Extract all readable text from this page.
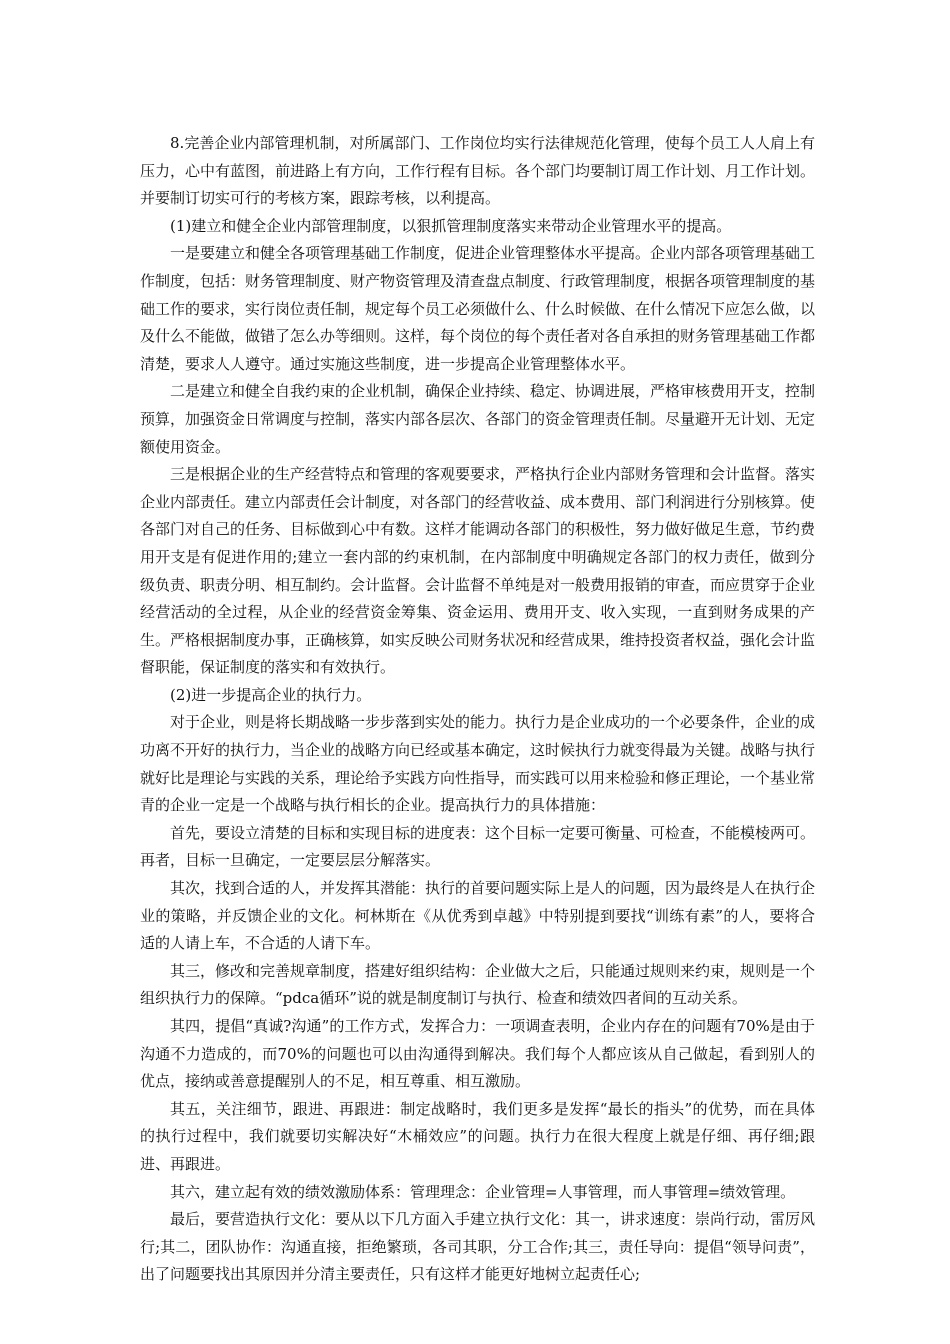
8.完善企业内部管理机制，对所属部门、工作岗位均实行法律规范化管理，使每个员工人人肩上有压力，心中有蓝图，前进路上有方向，工作行程有目标。各个部门均要制订周工作计划、月工作计划。并要制订切实可行的考核方案，跟踪考核，以利提高。

(1)建立和健全企业内部管理制度，以狠抓管理制度落实来带动企业管理水平的提高。

一是要建立和健全各项管理基础工作制度，促进企业管理整体水平提高。企业内部各项管理基础工作制度，包括：财务管理制度、财产物资管理及清查盘点制度、行政管理制度，根据各项管理制度的基础工作的要求，实行岗位责任制，规定每个员工必须做什么、什么时候做、在什么情况下应怎么做，以及什么不能做，做错了怎么办等细则。这样，每个岗位的每个责任者对各自承担的财务管理基础工作都清楚，要求人人遵守。通过实施这些制度，进一步提高企业管理整体水平。

二是建立和健全自我约束的企业机制，确保企业持续、稳定、协调进展，严格审核费用开支，控制预算，加强资金日常调度与控制，落实内部各层次、各部门的资金管理责任制。尽量避开无计划、无定额使用资金。

三是根据企业的生产经营特点和管理的客观要要求，严格执行企业内部财务管理和会计监督。落实企业内部责任。建立内部责任会计制度，对各部门的经营收益、成本费用、部门利润进行分别核算。使各部门对自己的任务、目标做到心中有数。这样才能调动各部门的积极性，努力做好做足生意，节约费用开支是有促进作用的;建立一套内部的约束机制，在内部制度中明确规定各部门的权力责任，做到分级负责、职责分明、相互制约。会计监督。会计监督不单纯是对一般费用报销的审查，而应贯穿于企业经营活动的全过程，从企业的经营资金筹集、资金运用、费用开支、收入实现，一直到财务成果的产生。严格根据制度办事，正确核算，如实反映公司财务状况和经营成果，维持投资者权益，强化会计监督职能，保证制度的落实和有效执行。

(2)进一步提高企业的执行力。

对于企业，则是将长期战略一步步落到实处的能力。执行力是企业成功的一个必要条件，企业的成功离不开好的执行力，当企业的战略方向已经或基本确定，这时候执行力就变得最为关键。战略与执行就好比是理论与实践的关系，理论给予实践方向性指导，而实践可以用来检验和修正理论，一个基业常青的企业一定是一个战略与执行相长的企业。提高执行力的具体措施：

首先，要设立清楚的目标和实现目标的进度表：这个目标一定要可衡量、可检查，不能模棱两可。再者，目标一旦确定，一定要层层分解落实。

其次，找到合适的人，并发挥其潜能：执行的首要问题实际上是人的问题，因为最终是人在执行企业的策略，并反馈企业的文化。柯林斯在《从优秀到卓越》中特别提到要找“训练有素”的人，要将合适的人请上车，不合适的人请下车。

其三，修改和完善规章制度，搭建好组织结构：企业做大之后，只能通过规则来约束，规则是一个组织执行力的保障。“pdca循环”说的就是制度制订与执行、检查和绩效四者间的互动关系。

其四，提倡“真诚?沟通”的工作方式，发挥合力：一项调查表明，企业内存在的问题有70%是由于沟通不力造成的，而70%的问题也可以由沟通得到解决。我们每个人都应该从自己做起，看到别人的优点，接纳或善意提醒别人的不足，相互尊重、相互激励。

其五，关注细节，跟进、再跟进：制定战略时，我们更多是发挥“最长的指头”的优势，而在具体的执行过程中，我们就要切实解决好“木桶效应”的问题。执行力在很大程度上就是仔细、再仔细;跟进、再跟进。

其六，建立起有效的绩效激励体系：管理理念：企业管理=人事管理，而人事管理=绩效管理。

最后，要营造执行文化：要从以下几方面入手建立执行文化：其一，讲求速度：崇尚行动，雷厉风行;其二，团队协作：沟通直接，拒绝繁琐，各司其职，分工合作;其三，责任导向：提倡“领导问责”，出了问题要找出其原因并分清主要责任，只有这样才能更好地树立起责任心;
